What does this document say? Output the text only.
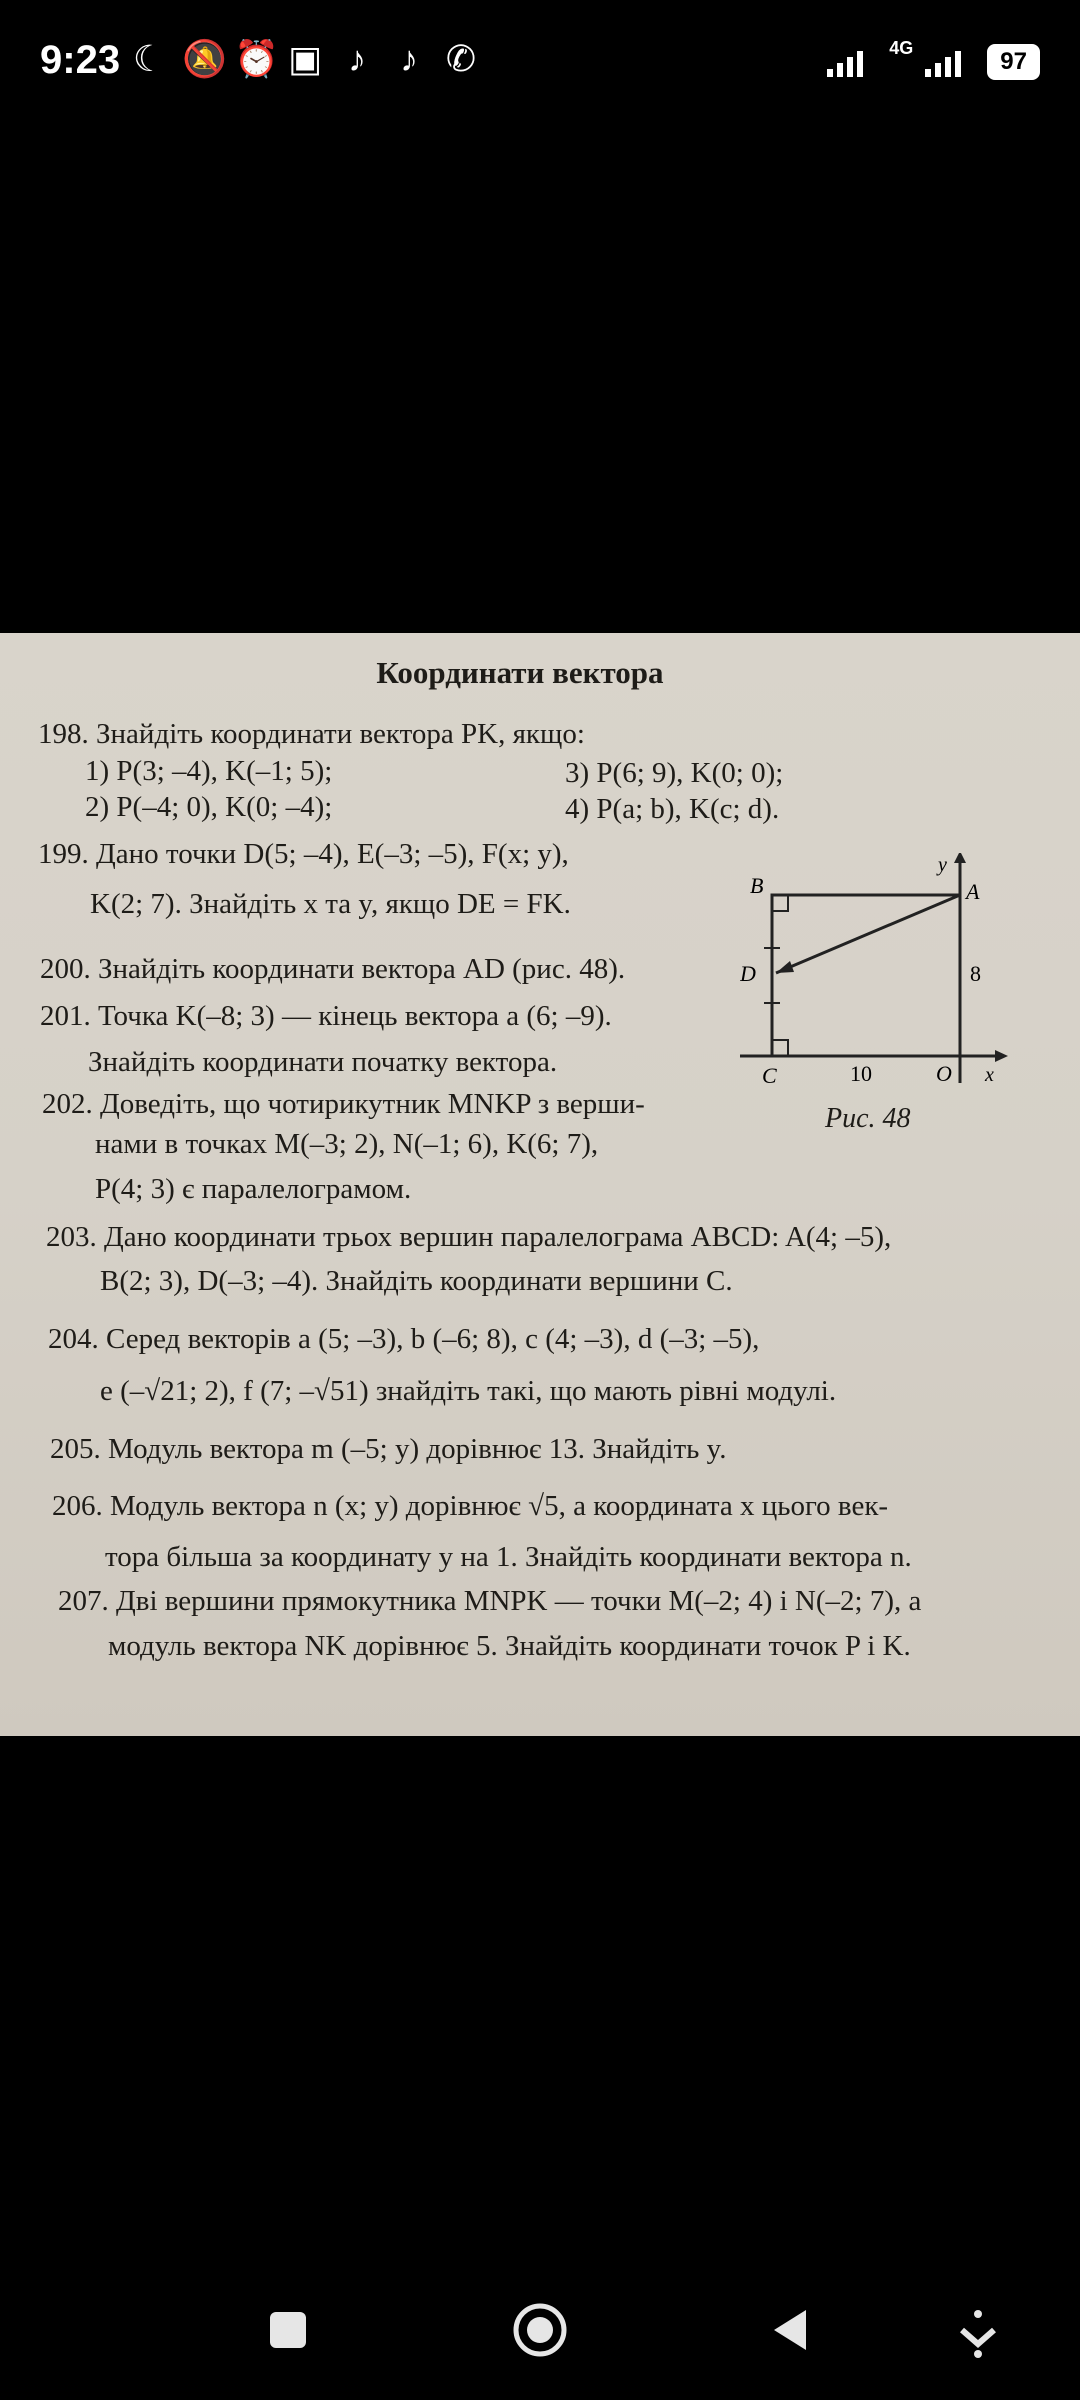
9:23 ☾ 🔕 ⏰ ▣ ♪ ♪ ✆	4G
97
Координати вектора
198. Знайдіть координати вектора PK, якщо:
1) P(3; –4), K(–1; 5);	3) P(6; 9), K(0; 0);
2) P(–4; 0), K(0; –4);	4) P(a; b), K(c; d).
199. Дано точки D(5; –4), E(–3; –5), F(x; y),
K(2; 7). Знайдіть x та y, якщо DE = FK.
200. Знайдіть координати вектора AD (рис. 48).
201. Точка K(–8; 3) — кінець вектора a (6; –9).
Знайдіть координати початку вектора.
202. Доведіть, що чотирикутник MNKP з верши-
нами в точках M(–3; 2), N(–1; 6), K(6; 7),
P(4; 3) є паралелограмом.
203. Дано координати трьох вершин паралелограма ABCD: A(4; –5),
B(2; 3), D(–3; –4). Знайдіть координати вершини C.
204. Серед векторів a (5; –3), b (–6; 8), c (4; –3), d (–3; –5),
e (–√21; 2), f (7; –√51) знайдіть такі, що мають рівні модулі.
205. Модуль вектора m (–5; y) дорівнює 13. Знайдіть y.
206. Модуль вектора n (x; y) дорівнює √5, а координата x цього век-
тора більша за координату y на 1. Знайдіть координати вектора n.
207. Дві вершини прямокутника MNPK — точки M(–2; 4) і N(–2; 7), а
модуль вектора NK дорівнює 5. Знайдіть координати точок P і K.
B	A
D
C	O x
y
10
8
Рис. 48
